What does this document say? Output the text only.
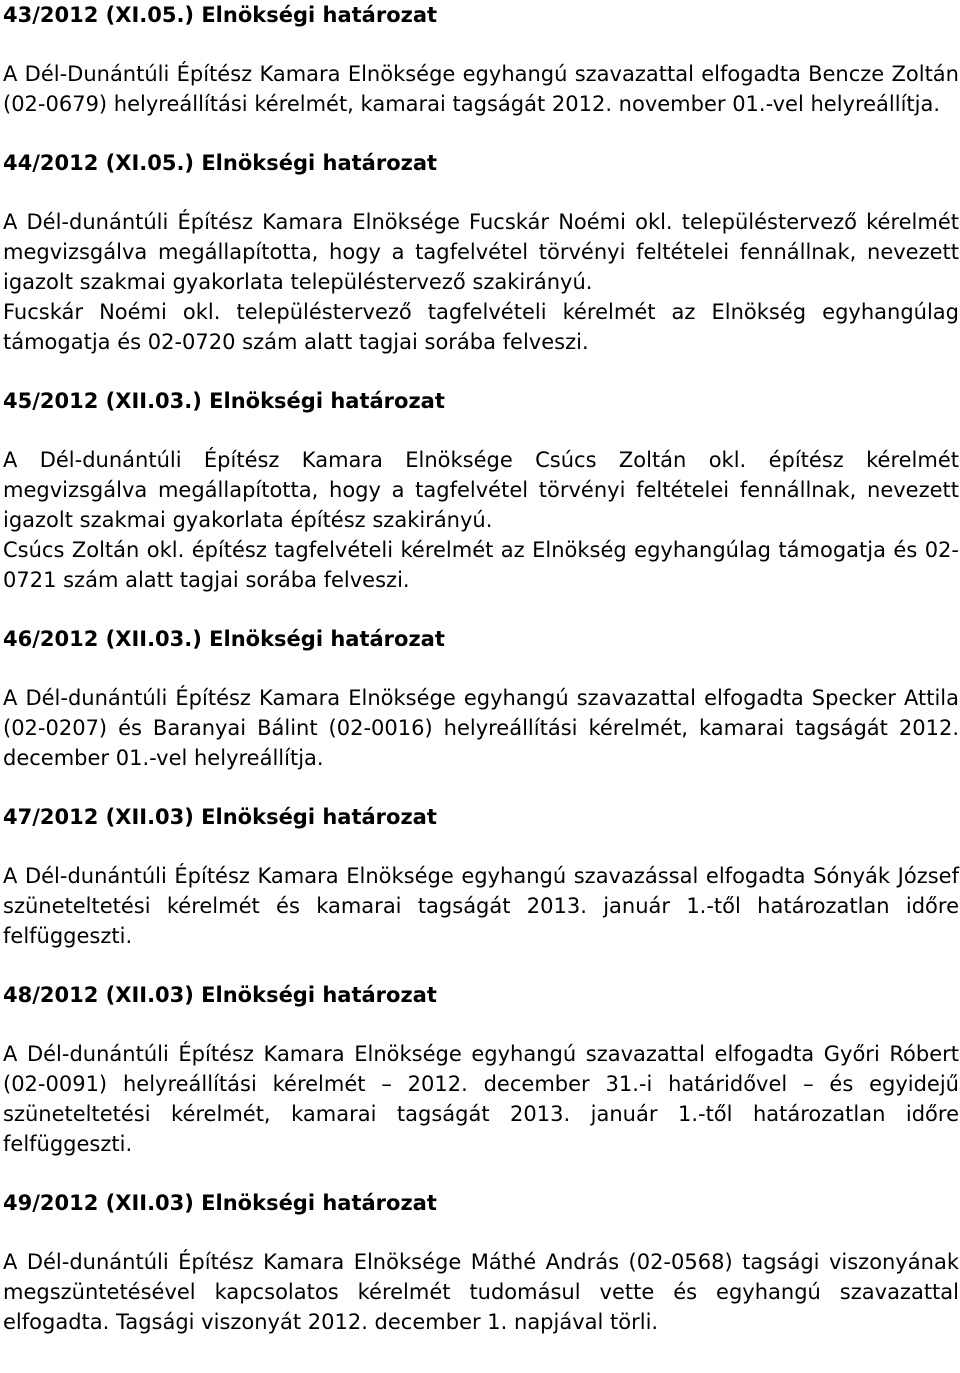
43/2012 (XI.05.) Elnökségi határozat

A Dél-Dunántúli Építész Kamara Elnöksége egyhangú szavazattal elfogadta Bencze Zoltán (02-0679) helyreállítási kérelmét, kamarai tagságát 2012. november 01.-vel helyreállítja.

44/2012 (XI.05.) Elnökségi határozat

A Dél-dunántúli Építész Kamara Elnöksége Fucskár Noémi okl. településtervező kérelmét megvizsgálva megállapította, hogy a tagfelvétel törvényi feltételei fennállnak, nevezett igazolt szakmai gyakorlata településtervező szakirányú.

Fucskár Noémi okl. településtervező tagfelvételi kérelmét az Elnökség egyhangúlag támogatja és 02-0720 szám alatt tagjai sorába felveszi.

45/2012 (XII.03.) Elnökségi határozat

A Dél-dunántúli Építész Kamara Elnöksége Csúcs Zoltán okl. építész kérelmét megvizsgálva megállapította, hogy a tagfelvétel törvényi feltételei fennállnak, nevezett igazolt szakmai gyakorlata építész szakirányú.

Csúcs Zoltán okl. építész tagfelvételi kérelmét az Elnökség egyhangúlag támogatja és 02-0721 szám alatt tagjai sorába felveszi.

46/2012 (XII.03.) Elnökségi határozat

A Dél-dunántúli Építész Kamara Elnöksége egyhangú szavazattal elfogadta Specker Attila (02-0207) és Baranyai Bálint (02-0016) helyreállítási kérelmét, kamarai tagságát 2012. december 01.-vel helyreállítja.

47/2012 (XII.03) Elnökségi határozat

A Dél-dunántúli Építész Kamara Elnöksége egyhangú szavazással elfogadta Sónyák József szüneteltetési kérelmét és kamarai tagságát 2013. január 1.-től határozatlan időre felfüggeszti.

48/2012 (XII.03) Elnökségi határozat

A Dél-dunántúli Építész Kamara Elnöksége egyhangú szavazattal elfogadta Győri Róbert (02-0091) helyreállítási kérelmét – 2012. december 31.-i határidővel – és egyidejű szüneteltetési kérelmét, kamarai tagságát 2013. január 1.-től határozatlan időre felfüggeszti.

49/2012 (XII.03) Elnökségi határozat

A Dél-dunántúli Építész Kamara Elnöksége Máthé András (02-0568) tagsági viszonyának megszüntetésével kapcsolatos kérelmét tudomásul vette és egyhangú szavazattal elfogadta. Tagsági viszonyát 2012. december 1. napjával törli.
